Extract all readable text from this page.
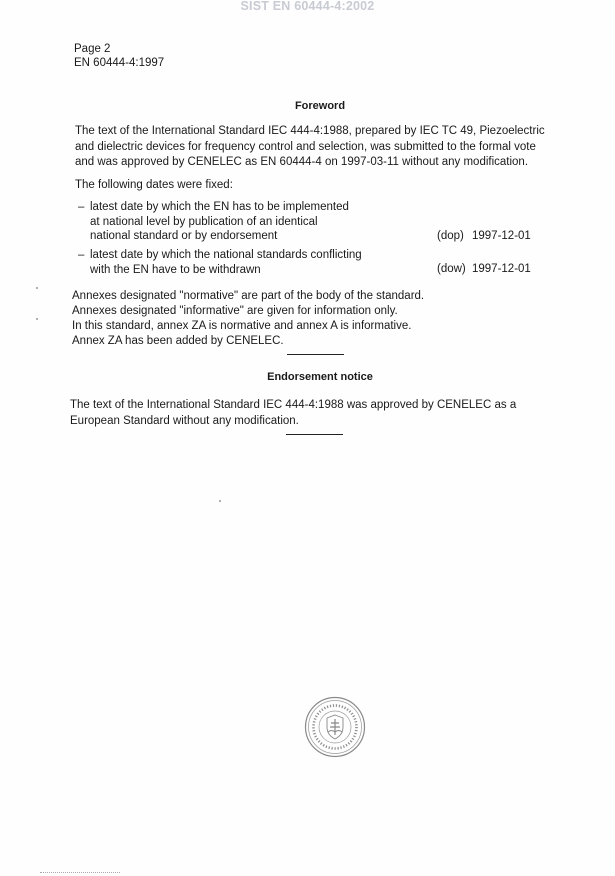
SIST EN 60444-4:2002
Page 2
EN 60444-4:1997
Foreword
The text of the International Standard IEC 444-4:1988, prepared by IEC TC 49, Piezoelectric
and dielectric devices for frequency control and selection, was submitted to the formal vote
and was approved by CENELEC as EN 60444-4 on 1997-03-11 without any modification.
The following dates were fixed:
– latest date by which the EN has to be implemented
at national level by publication of an identical
national standard or by endorsement	(dop) 1997-12-01
– latest date by which the national standards conflicting
with the EN have to be withdrawn	(dow) 1997-12-01
Annexes designated "normative" are part of the body of the standard.
Annexes designated "informative" are given for information only.
In this standard, annex ZA is normative and annex A is informative.
Annex ZA has been added by CENELEC.
Endorsement notice
The text of the International Standard IEC 444-4:1988 was approved by CENELEC as a
European Standard without any modification.
